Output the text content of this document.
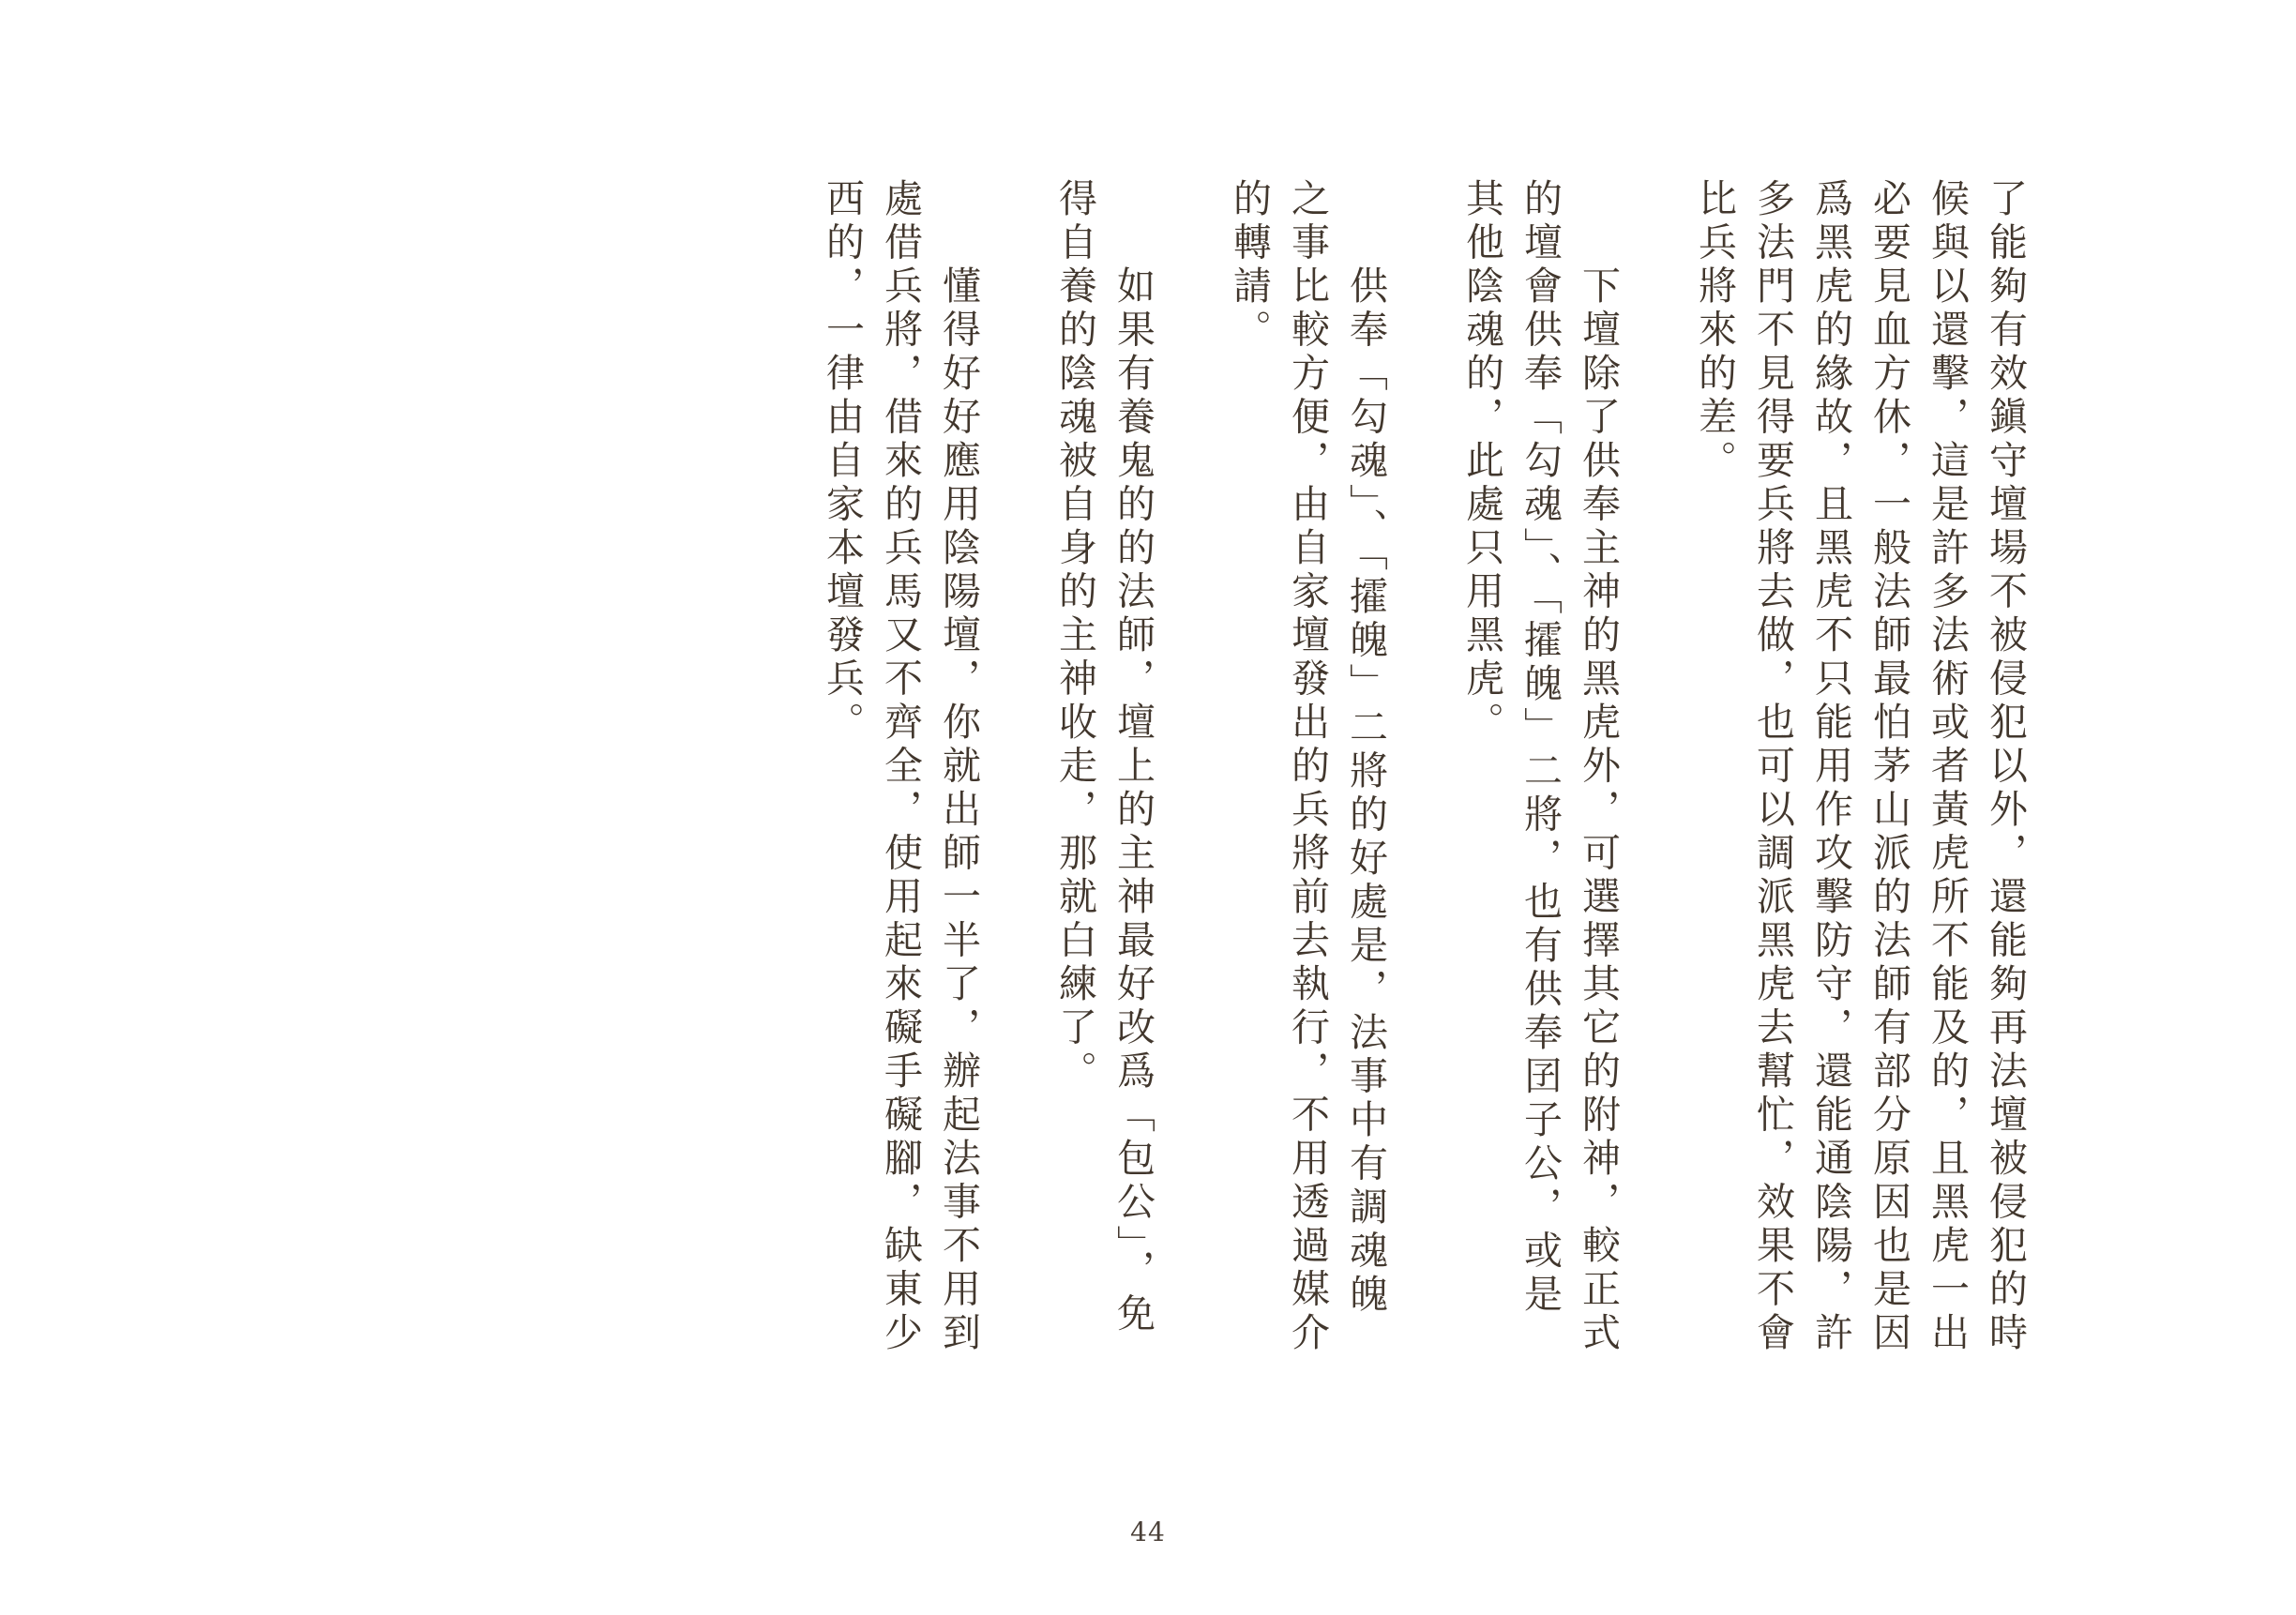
了能夠有效鎭守壇場不被侵犯以外，還能夠再法壇被侵犯的時
候與以還擊，這是許多法術或者黃虎所不能及的，且黑虎一出
必要見血方休，一般法師最怕茅山派的法師有部分原因也是因
爲黑虎的緣故，且黑虎不只能用作攻擊防守，還能通陰陽，許
多法門不見得要兵將去做，也可以調派黑虎去幫忙，效果不會
比兵將來的差。
　　下壇除了供奉主神的黑虎外，可選擇其它的附神，較正式
的壇會供奉「勾魂」、「攉魄」二將，也有供奉囝子公，或是
其他陰魂的，此處只用黑虎。
　　供奉「勾魂」、「攉魄」二將的好處是，法事中有調魂魄
之事比較方便，由自家壇發出的兵將前去執行，不用透過媒介
的轉請。
　　如果有養鬼的的法師，壇上的主神最好改爲「包公」，免
得自養的陰魂被自身的主神收走，那就白練了。
　　懂得好好應用陰陽壇，你就出師一半了，辦起法事不用到
處借兵將，借來的兵馬又不齊全，使用起來礙手礙腳，缺東少
西的，一律由自家本壇發兵。
44
